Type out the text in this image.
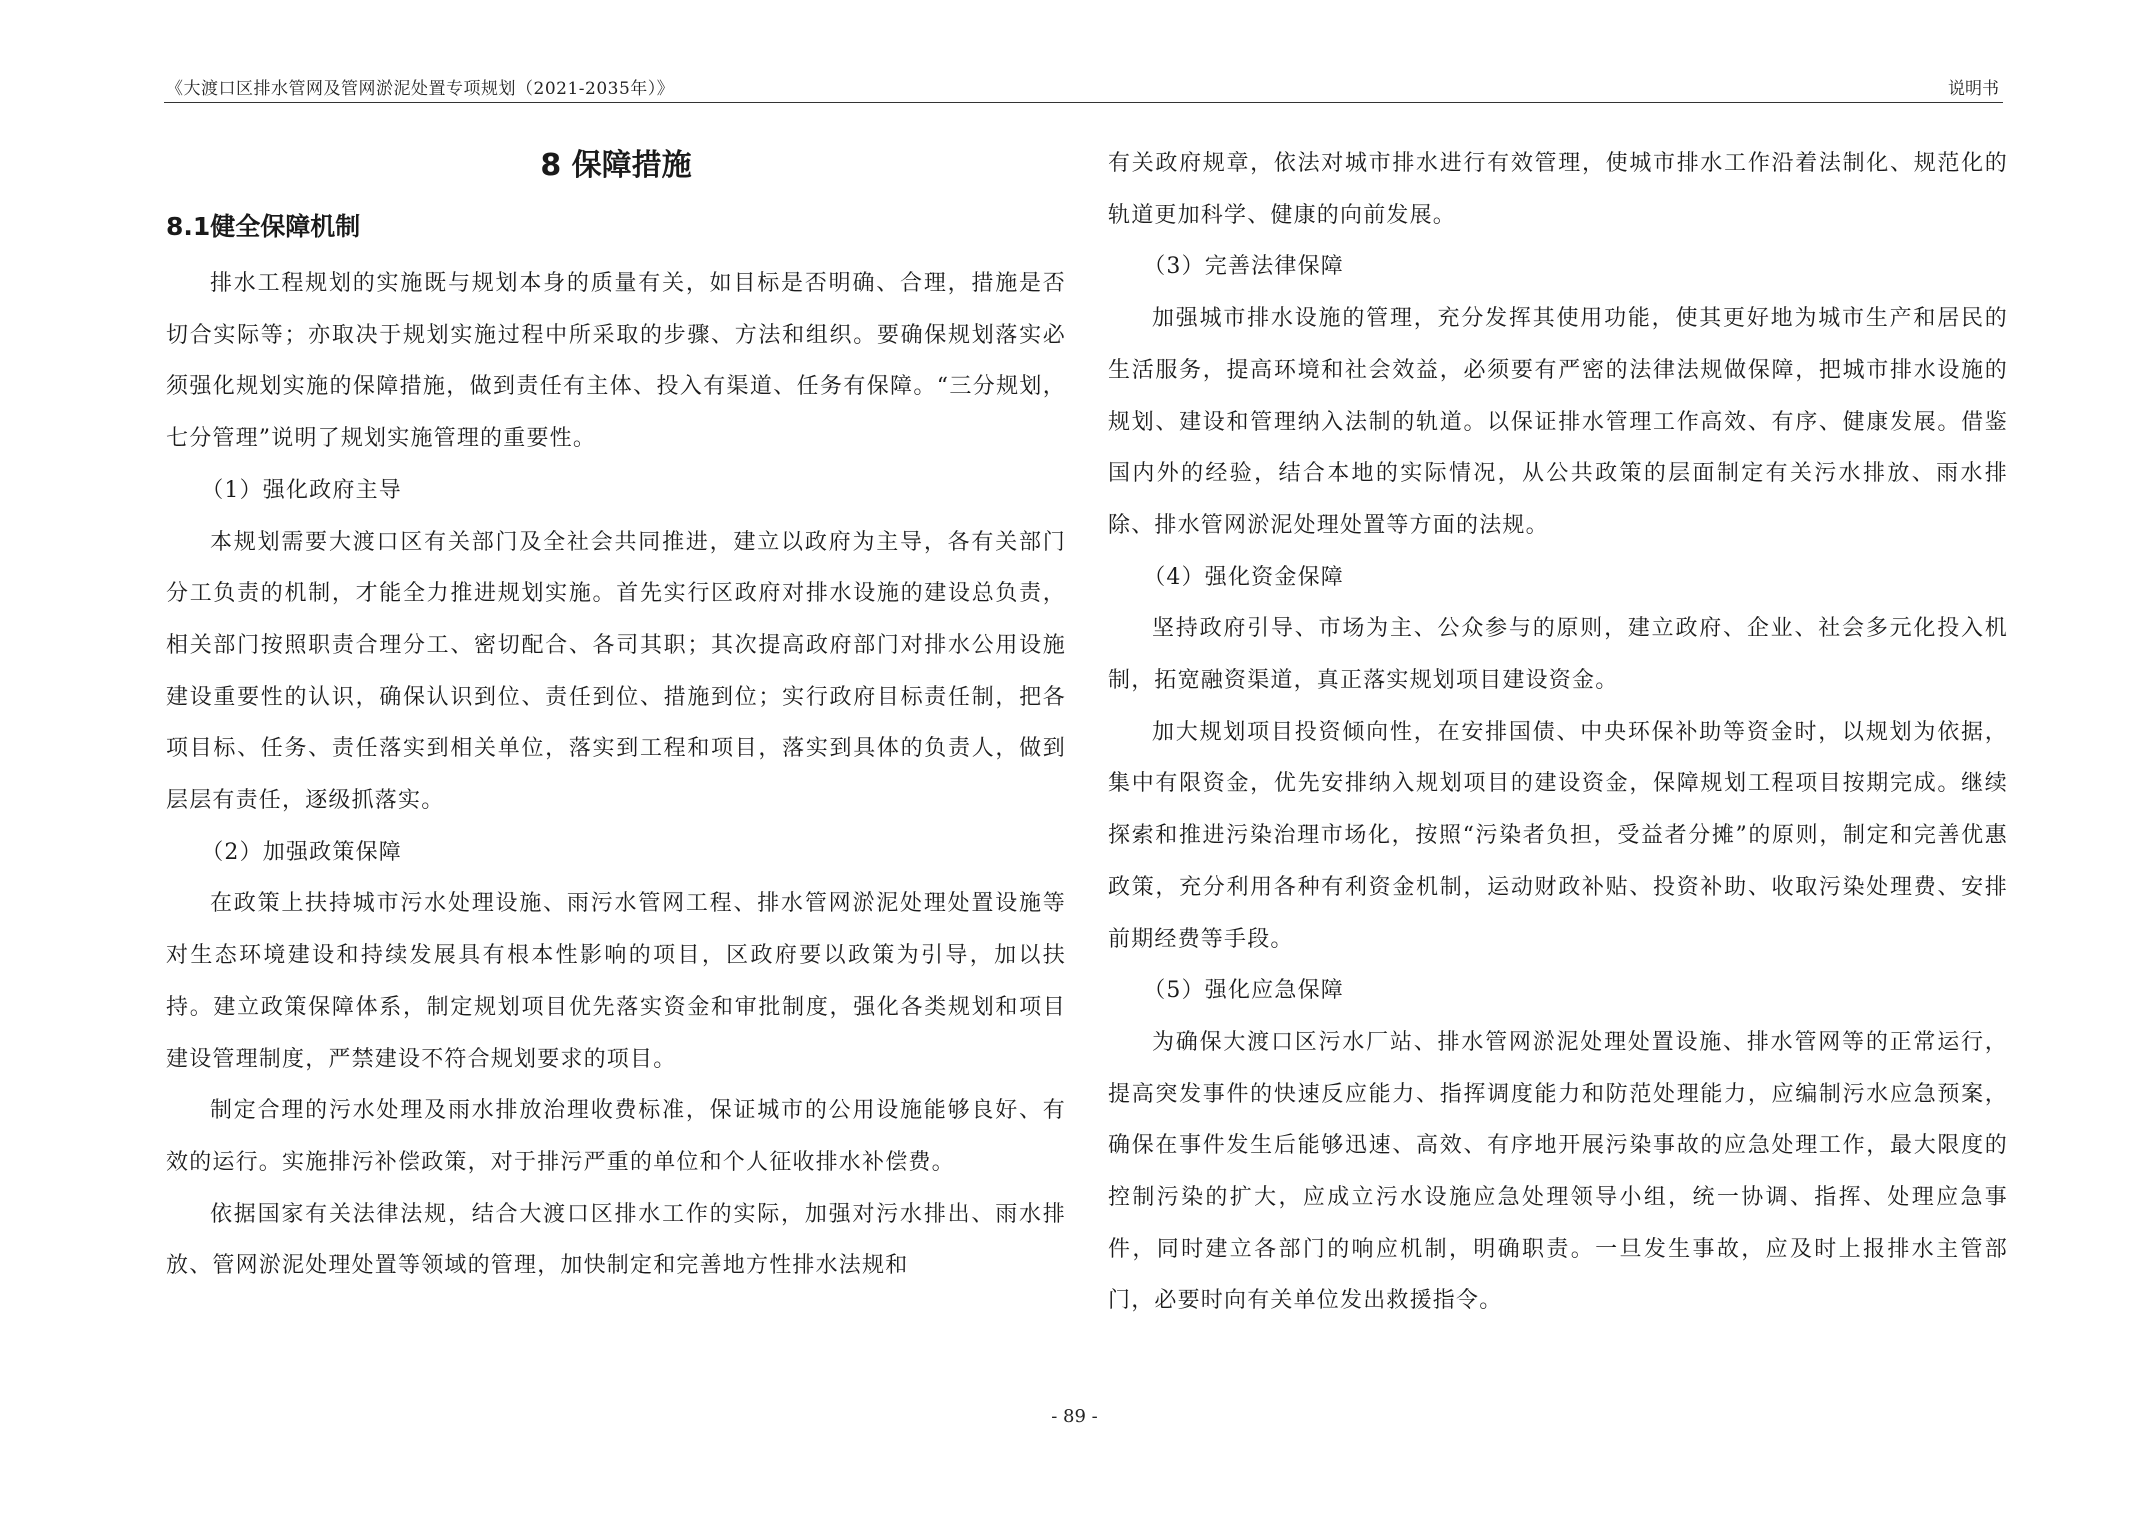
《大渡口区排水管网及管网淤泥处置专项规划（2021-2035年）》	说明书
8 保障措施
8.1健全保障机制

排水工程规划的实施既与规划本身的质量有关，如目标是否明确、合理，措施是否切合实际等；亦取决于规划实施过程中所采取的步骤、方法和组织。要确保规划落实必须强化规划实施的保障措施，做到责任有主体、投入有渠道、任务有保障。“三分规划，七分管理”说明了规划实施管理的重要性。

（1）强化政府主导

本规划需要大渡口区有关部门及全社会共同推进，建立以政府为主导，各有关部门分工负责的机制，才能全力推进规划实施。首先实行区政府对排水设施的建设总负责，相关部门按照职责合理分工、密切配合、各司其职；其次提高政府部门对排水公用设施建设重要性的认识，确保认识到位、责任到位、措施到位；实行政府目标责任制，把各项目标、任务、责任落实到相关单位，落实到工程和项目，落实到具体的负责人，做到层层有责任，逐级抓落实。

（2）加强政策保障

在政策上扶持城市污水处理设施、雨污水管网工程、排水管网淤泥处理处置设施等对生态环境建设和持续发展具有根本性影响的项目，区政府要以政策为引导，加以扶持。建立政策保障体系，制定规划项目优先落实资金和审批制度，强化各类规划和项目建设管理制度，严禁建设不符合规划要求的项目。

制定合理的污水处理及雨水排放治理收费标准，保证城市的公用设施能够良好、有效的运行。实施排污补偿政策，对于排污严重的单位和个人征收排水补偿费。

依据国家有关法律法规，结合大渡口区排水工作的实际，加强对污水排出、雨水排放、管网淤泥处理处置等领域的管理，加快制定和完善地方性排水法规和

有关政府规章，依法对城市排水进行有效管理，使城市排水工作沿着法制化、规范化的轨道更加科学、健康的向前发展。

（3）完善法律保障

加强城市排水设施的管理，充分发挥其使用功能，使其更好地为城市生产和居民的生活服务，提高环境和社会效益，必须要有严密的法律法规做保障，把城市排水设施的规划、建设和管理纳入法制的轨道。以保证排水管理工作高效、有序、健康发展。借鉴国内外的经验，结合本地的实际情况，从公共政策的层面制定有关污水排放、雨水排除、排水管网淤泥处理处置等方面的法规。

（4）强化资金保障

坚持政府引导、市场为主、公众参与的原则，建立政府、企业、社会多元化投入机制，拓宽融资渠道，真正落实规划项目建设资金。

加大规划项目投资倾向性，在安排国债、中央环保补助等资金时，以规划为依据，集中有限资金，优先安排纳入规划项目的建设资金，保障规划工程项目按期完成。继续探索和推进污染治理市场化，按照“污染者负担，受益者分摊”的原则，制定和完善优惠政策，充分利用各种有利资金机制，运动财政补贴、投资补助、收取污染处理费、安排前期经费等手段。

（5）强化应急保障

为确保大渡口区污水厂站、排水管网淤泥处理处置设施、排水管网等的正常运行，提高突发事件的快速反应能力、指挥调度能力和防范处理能力，应编制污水应急预案，确保在事件发生后能够迅速、高效、有序地开展污染事故的应急处理工作，最大限度的控制污染的扩大，应成立污水设施应急处理领导小组，统一协调、指挥、处理应急事件，同时建立各部门的响应机制，明确职责。一旦发生事故，应及时上报排水主管部门，必要时向有关单位发出救援指令。

- 89 -
